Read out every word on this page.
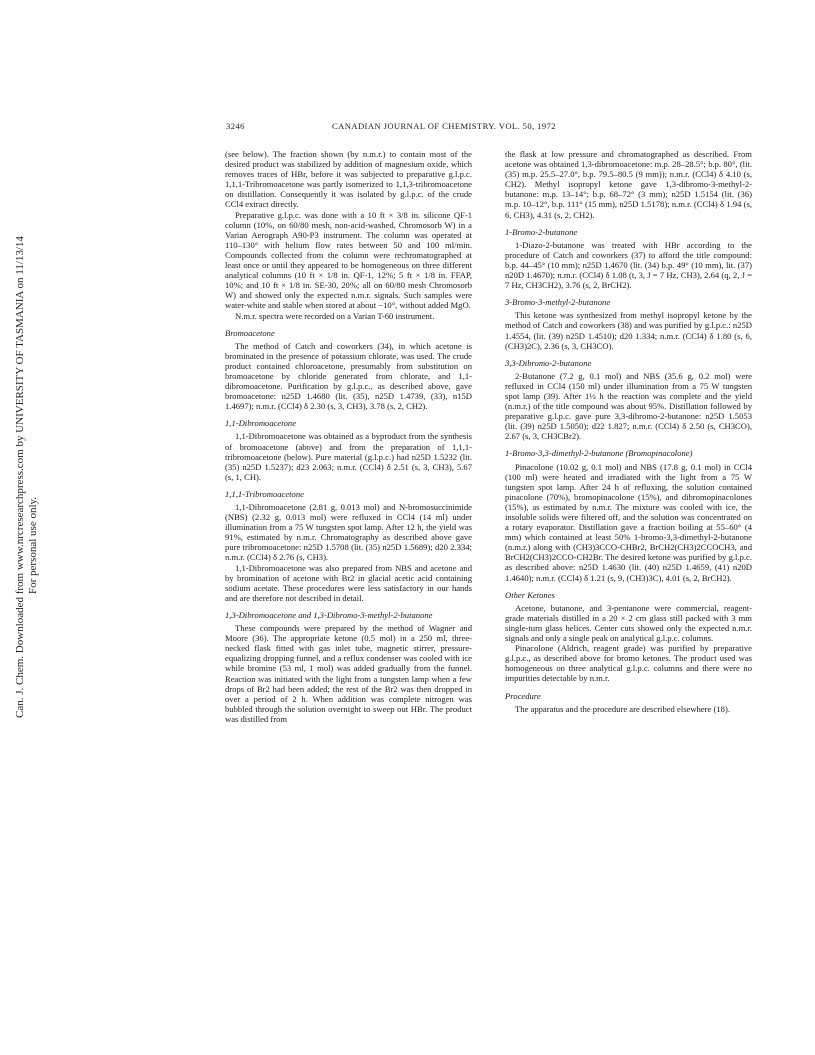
Can. J. Chem. Downloaded from www.nrcresearchpress.com by UNIVERSITY OF TASMANIA on 11/13/14 For personal use only.
3246	CANADIAN JOURNAL OF CHEMISTRY. VOL. 50, 1972

(see below). The fraction shown (by n.m.r.) to contain most of the desired product was stabilized by addition of magnesium oxide, which removes traces of HBr, before it was subjected to preparative g.l.p.c. 1,1,1-Tribromoacetone was partly isomerized to 1,1,3-tribromoacetone on distillation. Consequently it was isolated by g.l.p.c. of the crude CCl4 extract directly.

Preparative g.l.p.c. was done with a 10 ft × 3/8 in. silicone QF-1 column (10%, on 60/80 mesh, non-acid-washed, Chromosorb W) in a Varian Aerograph A90-P3 instrument. The column was operated at 110–130° with helium flow rates between 50 and 100 ml/min. Compounds collected from the column were rechromatographed at least once or until they appeared to be homogeneous on three different analytical columns (10 ft × 1/8 in. QF-1, 12%; 5 ft × 1/8 in. FFAP, 10%; and 10 ft × 1/8 in. SE-30, 20%; all on 60/80 mesh Chromosorb W) and showed only the expected n.m.r. signals. Such samples were water-white and stable when stored at about −10°, without added MgO.

N.m.r. spectra were recorded on a Varian T-60 instrument.

Bromoacetone

The method of Catch and coworkers (34), in which acetone is brominated in the presence of potassium chlorate, was used. The crude product contained chloroacetone, presumably from substitution on bromoacetone by chloride generated from chlorate, and 1,1-dibromoacetone. Purification by g.l.p.c., as described above, gave bromoacetone: n25D 1.4680 (lit. (35), n25D 1.4739, (33), n15D 1.4697); n.m.r. (CCl4) δ 2.30 (s, 3, CH3), 3.78 (s, 2, CH2).

1,1-Dibromoacetone

1,1-Dibromoacetone was obtained as a byproduct from the synthesis of bromoacetone (above) and from the preparation of 1,1,1-tribromoacetone (below). Pure material (g.l.p.c.) had n25D 1.5232 (lit. (35) n25D 1.5237); d23 2.063; n.m.r. (CCl4) δ 2.51 (s, 3, CH3), 5.67 (s, 1, CH).

1,1,1-Tribromoacetone

1,1-Dibromoacetone (2.81 g, 0.013 mol) and N-bromosuccinimide (NBS) (2.32 g, 0.013 mol) were refluxed in CCl4 (14 ml) under illumination from a 75 W tungsten spot lamp. After 12 h, the yield was 91%, estimated by n.m.r. Chromatography as described above gave pure tribromoacetone: n25D 1.5708 (lit. (35) n25D 1.5689); d20 2.334; n.m.r. (CCl4) δ 2.76 (s, CH3).

1,1-Dibromoacetone was also prepared from NBS and acetone and by bromination of acetone with Br2 in glacial acetic acid containing sodium acetate. These procedures were less satisfactory in our hands and are therefore not described in detail.

1,3-Dibromoacetone and 1,3-Dibromo-3-methyl-2-butanone

These compounds were prepared by the method of Wagner and Moore (36). The appropriate ketone (0.5 mol) in a 250 ml, three-necked flask fitted with gas inlet tube, magnetic stirrer, pressure-equalizing dropping funnel, and a reflux condenser was cooled with ice while bromine (53 ml, 1 mol) was added gradually from the funnel. Reaction was initiated with the light from a tungsten lamp when a few drops of Br2 had been added; the rest of the Br2 was then dropped in over a period of 2 h. When addition was complete nitrogen was bubbled through the solution overnight to sweep out HBr. The product was distilled from

the flask at low pressure and chromatographed as described. From acetone was obtained 1,3-dibromoacetone: m.p. 28–28.5°; b.p. 80°, (lit. (35) m.p. 25.5–27.0°, b.p. 79.5–80.5 (9 mm)); n.m.r. (CCl4) δ 4.10 (s, CH2). Methyl isopropyl ketone gave 1,3-dibromo-3-methyl-2-butanone: m.p. 13–14°; b.p. 68–72° (3 mm); n25D 1.5154 (lit. (36) m.p. 10–12°, b.p. 111° (15 mm), n25D 1.5178); n.m.r. (CCl4) δ 1.94 (s, 6, CH3), 4.31 (s, 2, CH2).

1-Bromo-2-butanone

1-Diazo-2-butanone was treated with HBr according to the procedure of Catch and coworkers (37) to afford the title compound: b.p. 44–45° (10 mm); n25D 1.4670 (lit. (34) b.p. 49° (10 mm), lit. (37) n20D 1.4670); n.m.r. (CCl4) δ 1.08 (t, 3, J = 7 Hz, CH3), 2.64 (q, 2, J = 7 Hz, CH3CH2), 3.76 (s, 2, BrCH2).

3-Bromo-3-methyl-2-butanone

This ketone was synthesized from methyl isopropyl ketone by the method of Catch and coworkers (38) and was purified by g.l.p.c.: n25D 1.4554, (lit. (39) n25D 1.4510); d20 1.334; n.m.r. (CCl4) δ 1.80 (s, 6, (CH3)2C), 2.36 (s, 3, CH3CO).

3,3-Dibromo-2-butanone

2-Butanone (7.2 g, 0.1 mol) and NBS (35.6 g, 0.2 mol) were refluxed in CCl4 (150 ml) under illumination from a 75 W tungsten spot lamp (39). After 1½ h the reaction was complete and the yield (n.m.r.) of the title compound was about 95%. Distillation followed by preparative g.l.p.c. gave pure 3,3-dibromo-2-butanone: n25D 1.5053 (lit. (39) n25D 1.5050); d22 1.827; n.m.r. (CCl4) δ 2.50 (s, CH3CO), 2.67 (s, 3, CH3CBr2).

1-Bromo-3,3-dimethyl-2-butanone (Bromopinacolone)

Pinacolone (10.02 g, 0.1 mol) and NBS (17.8 g, 0.1 mol) in CCl4 (100 ml) were heated and irradiated with the light from a 75 W tungsten spot lamp. After 24 h of refluxing, the solution contained pinacolone (70%), bromopinacolone (15%), and dibromopinacolones (15%), as estimated by n.m.r. The mixture was cooled with ice, the insoluble solids were filtered off, and the solution was concentrated on a rotary evaporator. Distillation gave a fraction boiling at 55–60° (4 mm) which contained at least 50% 1-bromo-3,3-dimethyl-2-butanone (n.m.r.) along with (CH3)3CCO-CHBr2, BrCH2(CH3)2CCOCH3, and BrCH2(CH3)2CCO-CH2Br. The desired ketone was purified by g.l.p.c. as described above: n25D 1.4630 (lit. (40) n25D 1.4659, (41) n20D 1.4640); n.m.r. (CCl4) δ 1.21 (s, 9, (CH3)3C), 4.01 (s, 2, BrCH2).

Other Ketones

Acetone, butanone, and 3-pentanone were commercial, reagent-grade materials distilled in a 20 × 2 cm glass still packed with 3 mm single-turn glass helices. Center cuts showed only the expected n.m.r. signals and only a single peak on analytical g.l.p.c. columns.

Pinacolone (Aldrich, reagent grade) was purified by preparative g.l.p.c., as described above for bromo ketones. The product used was homogeneous on three analytical g.l.p.c. columns and there were no impurities detectable by n.m.r.

Procedure

The apparatus and the procedure are described elsewhere (18).
